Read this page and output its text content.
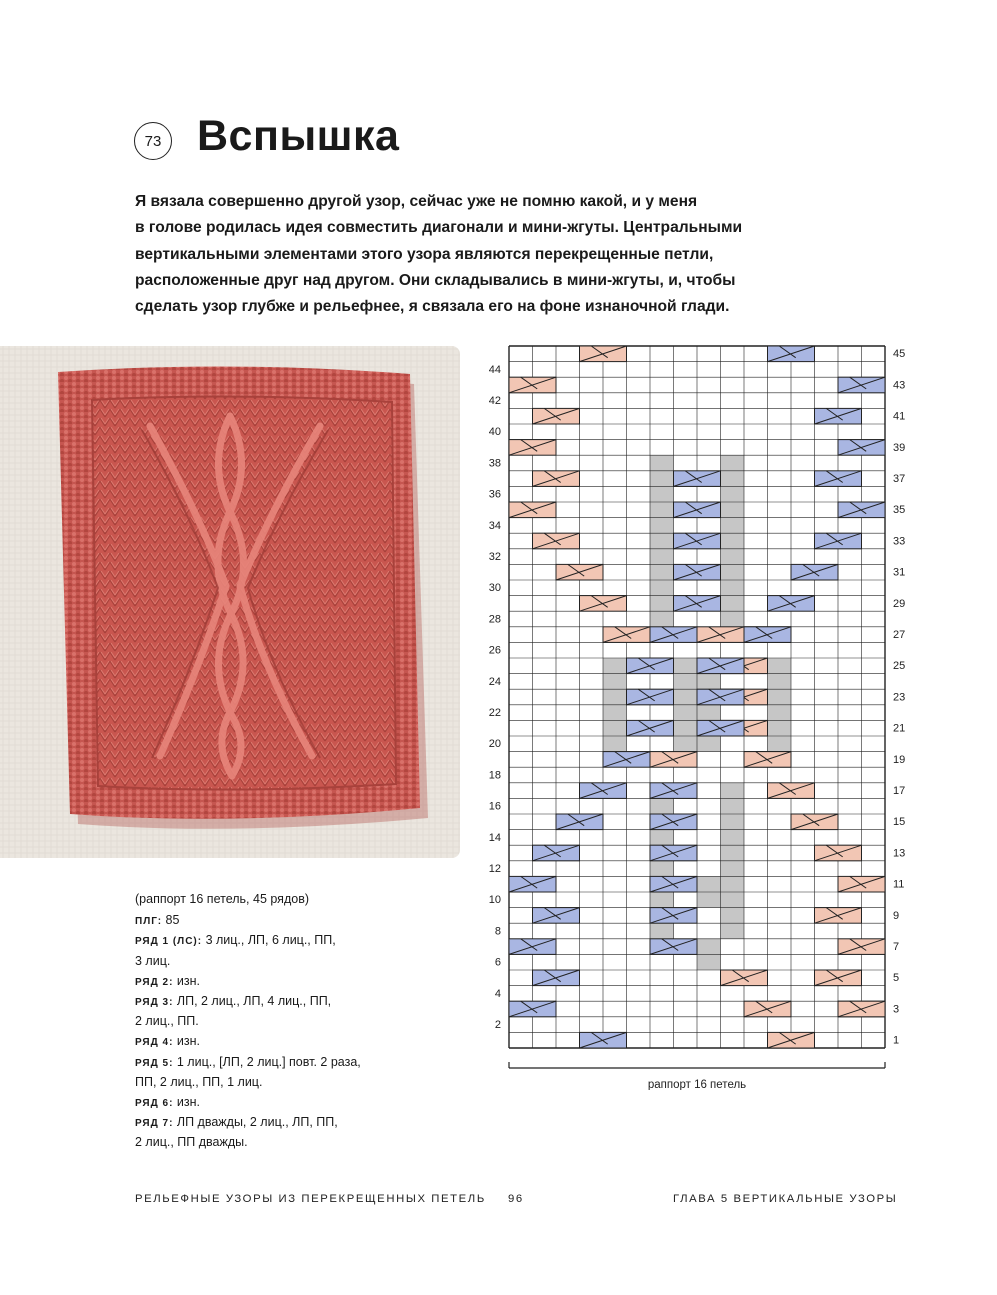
73 Вспышка
Я вязала совершенно другой узор, сейчас уже не помню какой, и у меня
в голове родилась идея совместить диагонали и мини-жгуты. Центральными
вертикальными элементами этого узора являются перекрещенные петли,
расположенные друг над другом. Они складывались в мини-жгуты, и, чтобы
сделать узор глубже и рельефнее, я связала его на фоне изнаночной глади.
(раппорт 16 петель, 45 рядов)
ПЛГ: 85
РЯД 1 (ЛС): 3 лиц., ЛП, 6 лиц., ПП,
3 лиц.
РЯД 2: изн.
РЯД 3: ЛП, 2 лиц., ЛП, 4 лиц., ПП,
2 лиц., ПП.
РЯД 4: изн.
РЯД 5: 1 лиц., [ЛП, 2 лиц.] повт. 2 раза,
ПП, 2 лиц., ПП, 1 лиц.
РЯД 6: изн.
РЯД 7: ЛП дважды, 2 лиц., ЛП, ПП,
2 лиц., ПП дважды.
45
43
41
39
37
35
33
31
29
27
25
23
21
19
17
15
13
11
9
7
5
3
1
44
42
40
38
36
34
32
30
28
26
24
22
20
18
16
14
12
10
8
6
4
2
раппорт 16 петель
РЕЛЬЕФНЫЕ УЗОРЫ ИЗ ПЕРЕКРЕЩЕННЫХ ПЕТЕЛЬ 96	ГЛАВА 5 ВЕРТИКАЛЬНЫЕ УЗОРЫ
